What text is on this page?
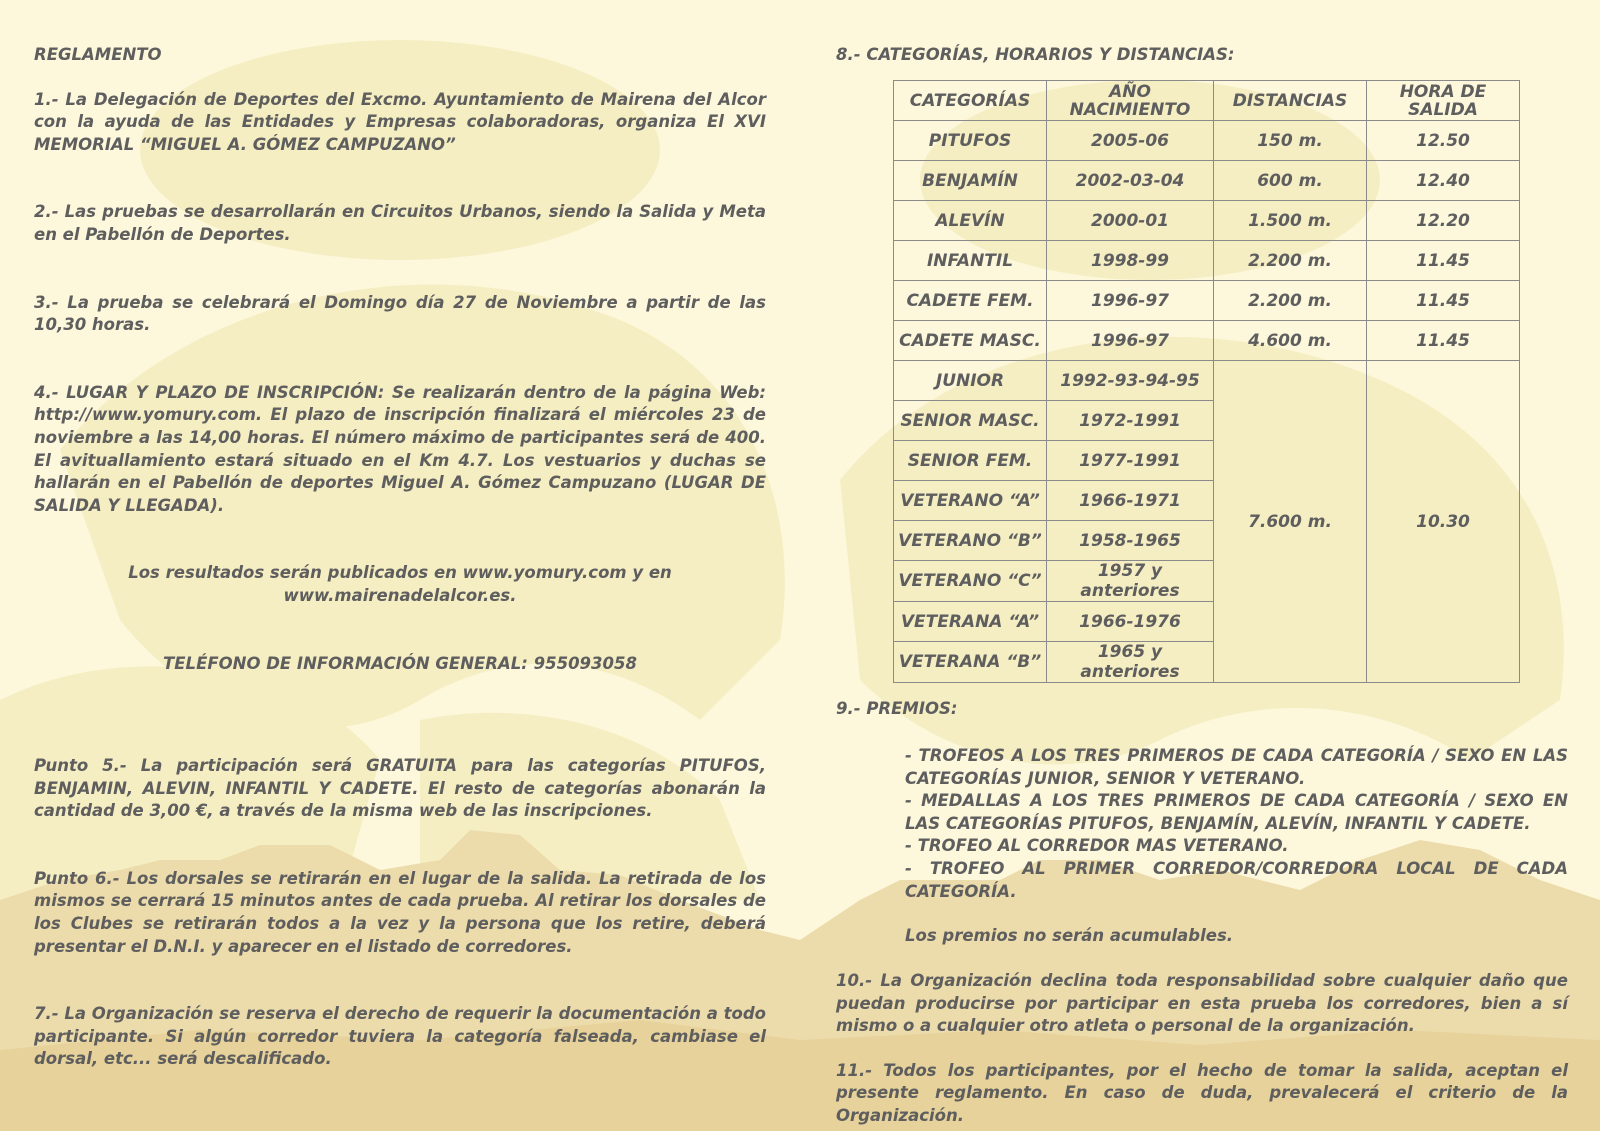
REGLAMENTO

1.- La Delegación de Deportes del Excmo. Ayuntamiento de Mairena del Alcor con la ayuda de las Entidades y Empresas colaboradoras, organiza El XVI MEMORIAL “MIGUEL A. GÓMEZ CAMPUZANO”

2.- Las pruebas se desarrollarán en Circuitos Urbanos, siendo la Salida y Meta en el Pabellón de Deportes.

3.- La prueba se celebrará el Domingo día 27 de Noviembre a partir de las 10,30 horas.

4.- LUGAR Y PLAZO DE INSCRIPCIÓN: Se realizarán dentro de la página Web: http://www.yomury.com. El plazo de inscripción finalizará el miércoles 23 de noviembre a las 14,00 horas. El número máximo de participantes será de 400. El avituallamiento estará situado en el Km 4.7. Los vestuarios y duchas se hallarán en el Pabellón de deportes Miguel A. Gómez Campuzano (LUGAR DE SALIDA Y LLEGADA).

Los resultados serán publicados en www.yomury.com y en

www.mairenadelalcor.es.

TELÉFONO DE INFORMACIÓN GENERAL: 955093058

Punto 5.- La participación será GRATUITA para las categorías PITUFOS, BENJAMIN, ALEVIN, INFANTIL Y CADETE. El resto de categorías abonarán la cantidad de 3,00 €, a través de la misma web de las inscripciones.

Punto 6.- Los dorsales se retirarán en el lugar de la salida. La retirada de los mismos se cerrará 15 minutos antes de cada prueba. Al retirar los dorsales de los Clubes se retirarán todos a la vez y la persona que los retire, deberá presentar el D.N.I. y aparecer en el listado de corredores.

7.- La Organización se reserva el derecho de requerir la documentación a todo participante. Si algún corredor tuviera la categoría falseada, cambiase el dorsal, etc... será descalificado.

8.- CATEGORÍAS, HORARIOS Y DISTANCIAS:

CATEGORÍAS	AÑO NACIMIENTO	DISTANCIAS	HORA DE SALIDA
PITUFOS	2005-06	150 m.	12.50
BENJAMÍN	2002-03-04	600 m.	12.40
ALEVÍN	2000-01	1.500 m.	12.20
INFANTIL	1998-99	2.200 m.	11.45
CADETE FEM.	1996-97	2.200 m.	11.45
CADETE MASC.	1996-97	4.600 m.	11.45
JUNIOR	1992-93-94-95	7.600 m.	10.30
SENIOR MASC.	1972-1991		
SENIOR FEM.	1977-1991		
VETERANO “A”	1966-1971		
VETERANO “B”	1958-1965		
VETERANO “C”	1957 y anteriores		
VETERANA “A”	1966-1976		
VETERANA “B”	1965 y anteriores		

9.- PREMIOS:

- TROFEOS A LOS TRES PRIMEROS DE CADA CATEGORÍA / SEXO EN LAS CATEGORÍAS JUNIOR, SENIOR Y VETERANO.

- MEDALLAS A LOS TRES PRIMEROS DE CADA CATEGORÍA / SEXO EN LAS CATEGORÍAS PITUFOS, BENJAMÍN, ALEVÍN, INFANTIL Y CADETE.

- TROFEO AL CORREDOR MAS VETERANO.

- TROFEO AL PRIMER CORREDOR/CORREDORA LOCAL DE CADA CATEGORÍA.

Los premios no serán acumulables.

10.- La Organización declina toda responsabilidad sobre cualquier daño que puedan producirse por participar en esta prueba los corredores, bien a sí mismo o a cualquier otro atleta o personal de la organización.

11.- Todos los participantes, por el hecho de tomar la salida, aceptan el presente reglamento. En caso de duda, prevalecerá el criterio de la Organización.
